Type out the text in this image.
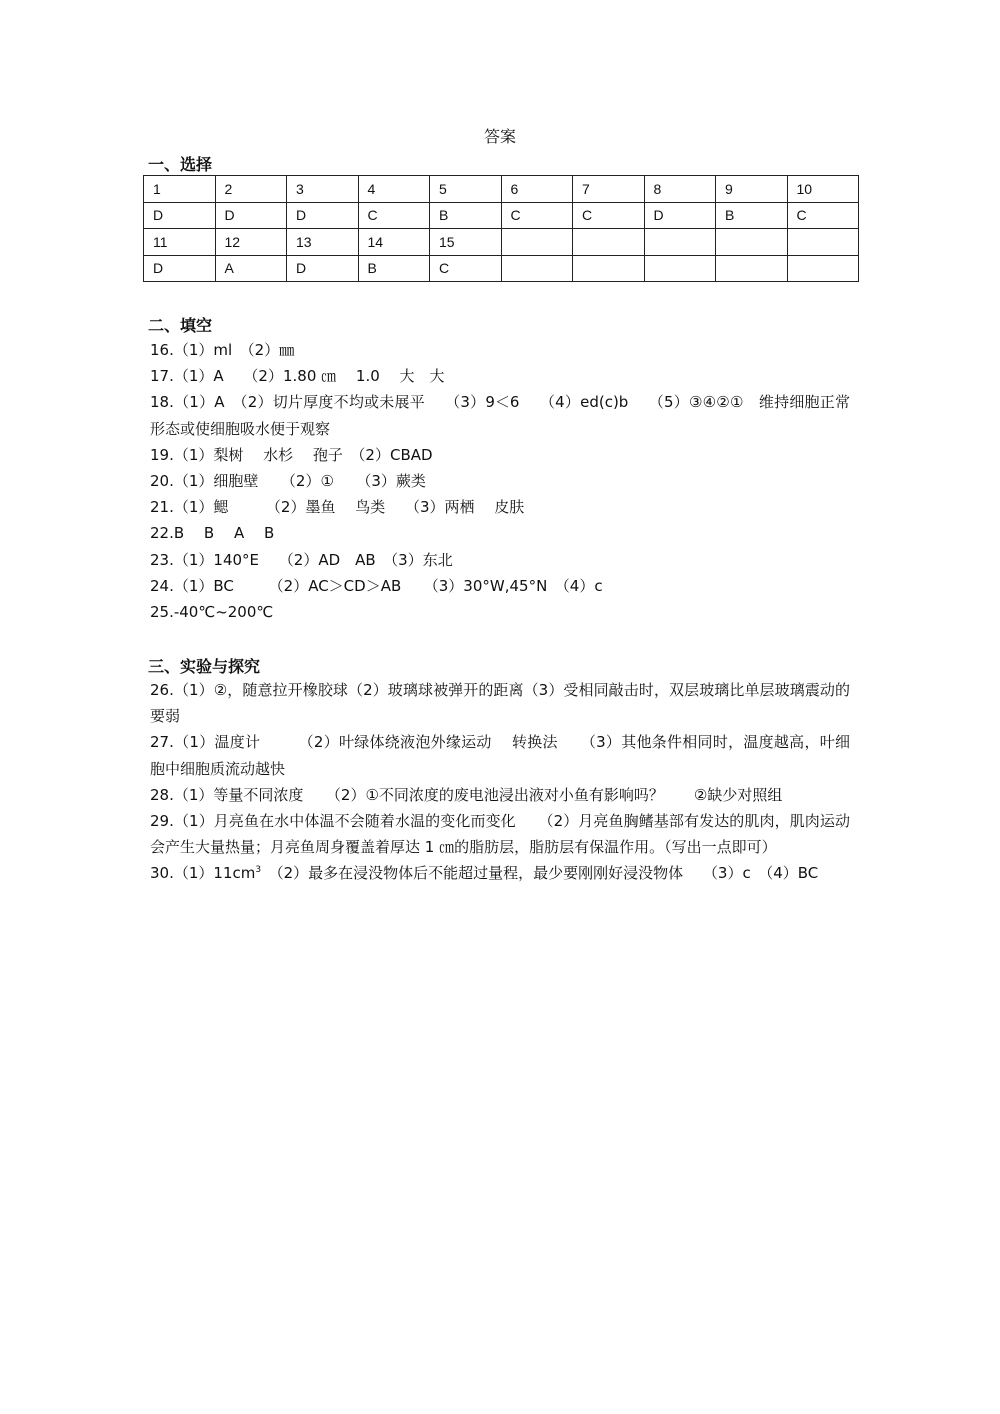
答案
一、选择
1	2	3	4	5	6	7	8	9	10
D	D	D	C	B	C	C	D	B	C
11	12	13	14	15					
D	A	D	B	C					
二、填空
16.（1）ml　（2）㎜
17.（1）A　 （2）1.80 ㎝　 1.0　 大　大
18.（1）A　（2）切片厚度不均或未展平　 （3）9＜6　 （4）ed(c)b　 （5）③④②①　维持细胞正常形态或使细胞吸水便于观察
19.（1）梨树　 水杉　 孢子　（2）CBAD
20.（1）细胞壁　　（2）①　　（3）蕨类
21.（1）鳃　　　（2）墨鱼　 鸟类　 （3）两栖　 皮肤
22.B　 B　 A　 B
23.（1）140°E　 （2）AD　AB　（3）东北
24.（1）BC　　 （2）AC＞CD＞AB　　（3）30°W,45°N　（4）c
25.-40℃~200℃
三、实验与探究
26.（1）②，随意拉开橡胶球（2）玻璃球被弹开的距离（3）受相同敲击时，双层玻璃比单层玻璃震动的要弱
27.（1）温度计　　　（2）叶绿体绕液泡外缘运动　 转换法　　（3）其他条件相同时，温度越高，叶细胞中细胞质流动越快
28.（1）等量不同浓度　　（2）①不同浓度的废电池浸出液对小鱼有影响吗？　　②缺少对照组
29.（1）月亮鱼在水中体温不会随着水温的变化而变化　　（2）月亮鱼胸鳍基部有发达的肌肉，肌肉运动会产生大量热量；月亮鱼周身覆盖着厚达 1 ㎝的脂肪层，脂肪层有保温作用。（写出一点即可）
$30.(1)11cm^3$　（2）最多在浸没物体后不能超过量程，最少要刚刚好浸没物体　 （3）c　（4）BC
